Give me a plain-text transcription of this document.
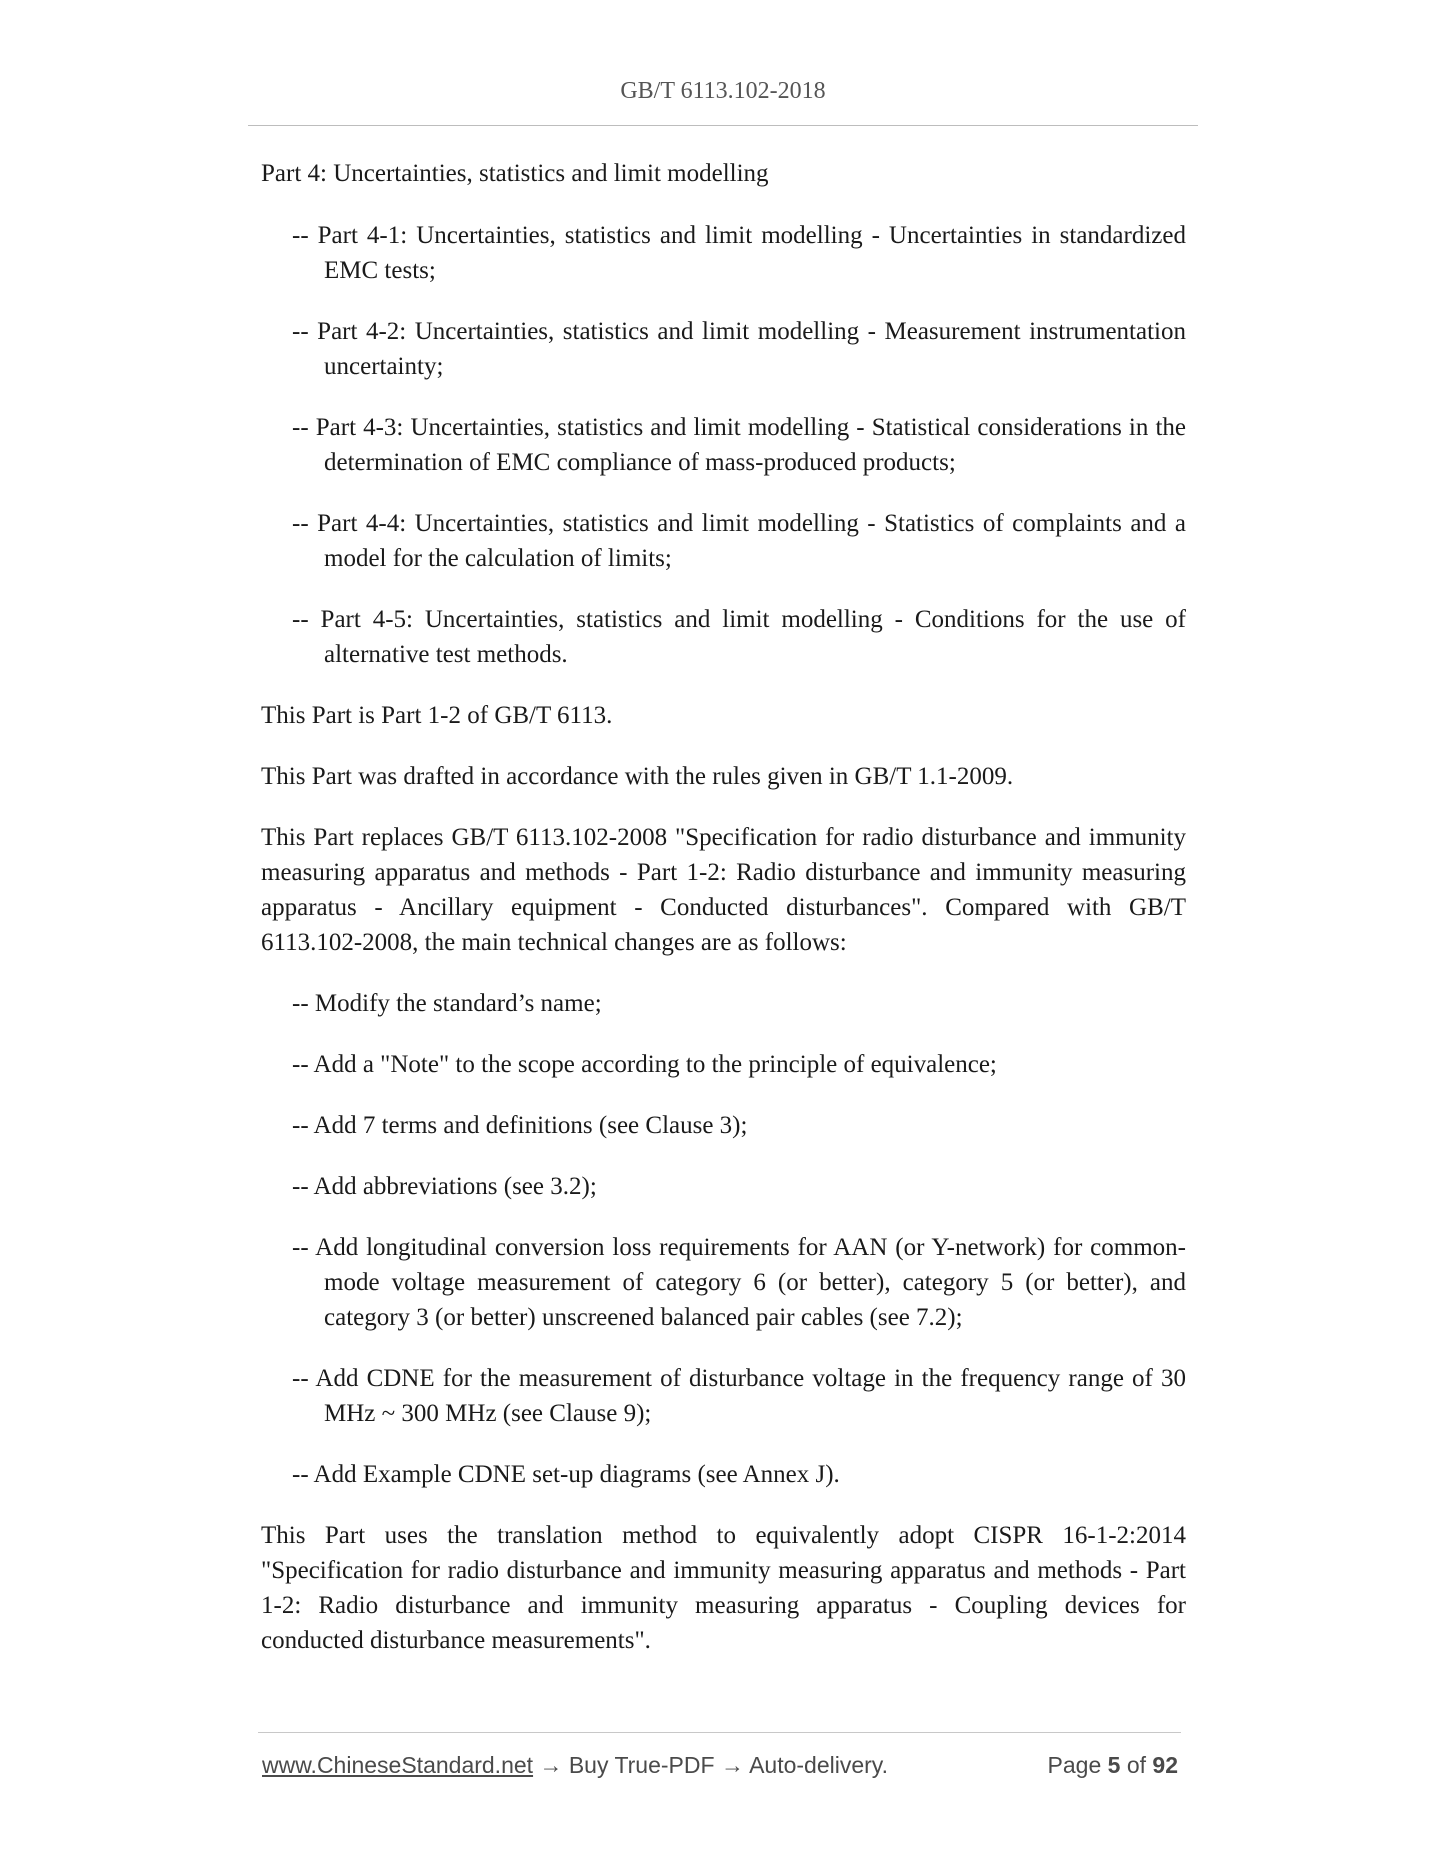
GB/T 6113.102-2018

Part 4: Uncertainties, statistics and limit modelling

-- Part 4-1: Uncertainties, statistics and limit modelling - Uncertainties in standardized EMC tests;

-- Part 4-2: Uncertainties, statistics and limit modelling - Measurement instrumentation uncertainty;

-- Part 4-3: Uncertainties, statistics and limit modelling - Statistical considerations in the determination of EMC compliance of mass-produced products;

-- Part 4-4: Uncertainties, statistics and limit modelling - Statistics of complaints and a model for the calculation of limits;

-- Part 4-5: Uncertainties, statistics and limit modelling - Conditions for the use of alternative test methods.

This Part is Part 1-2 of GB/T 6113.

This Part was drafted in accordance with the rules given in GB/T 1.1-2009.

This Part replaces GB/T 6113.102-2008 "Specification for radio disturbance and immunity measuring apparatus and methods - Part 1-2: Radio disturbance and immunity measuring apparatus - Ancillary equipment - Conducted disturbances". Compared with GB/T 6113.102-2008, the main technical changes are as follows:

-- Modify the standard’s name;

-- Add a "Note" to the scope according to the principle of equivalence;

-- Add 7 terms and definitions (see Clause 3);

-- Add abbreviations (see 3.2);

-- Add longitudinal conversion loss requirements for AAN (or Y-network) for common-mode voltage measurement of category 6 (or better), category 5 (or better), and category 3 (or better) unscreened balanced pair cables (see 7.2);

-- Add CDNE for the measurement of disturbance voltage in the frequency range of 30 MHz ~ 300 MHz (see Clause 9);

-- Add Example CDNE set-up diagrams (see Annex J).

This Part uses the translation method to equivalently adopt CISPR 16-1-2:2014 "Specification for radio disturbance and immunity measuring apparatus and methods - Part 1-2: Radio disturbance and immunity measuring apparatus - Coupling devices for conducted disturbance measurements".

www.ChineseStandard.net → Buy True-PDF → Auto-delivery.	Page 5 of 92
